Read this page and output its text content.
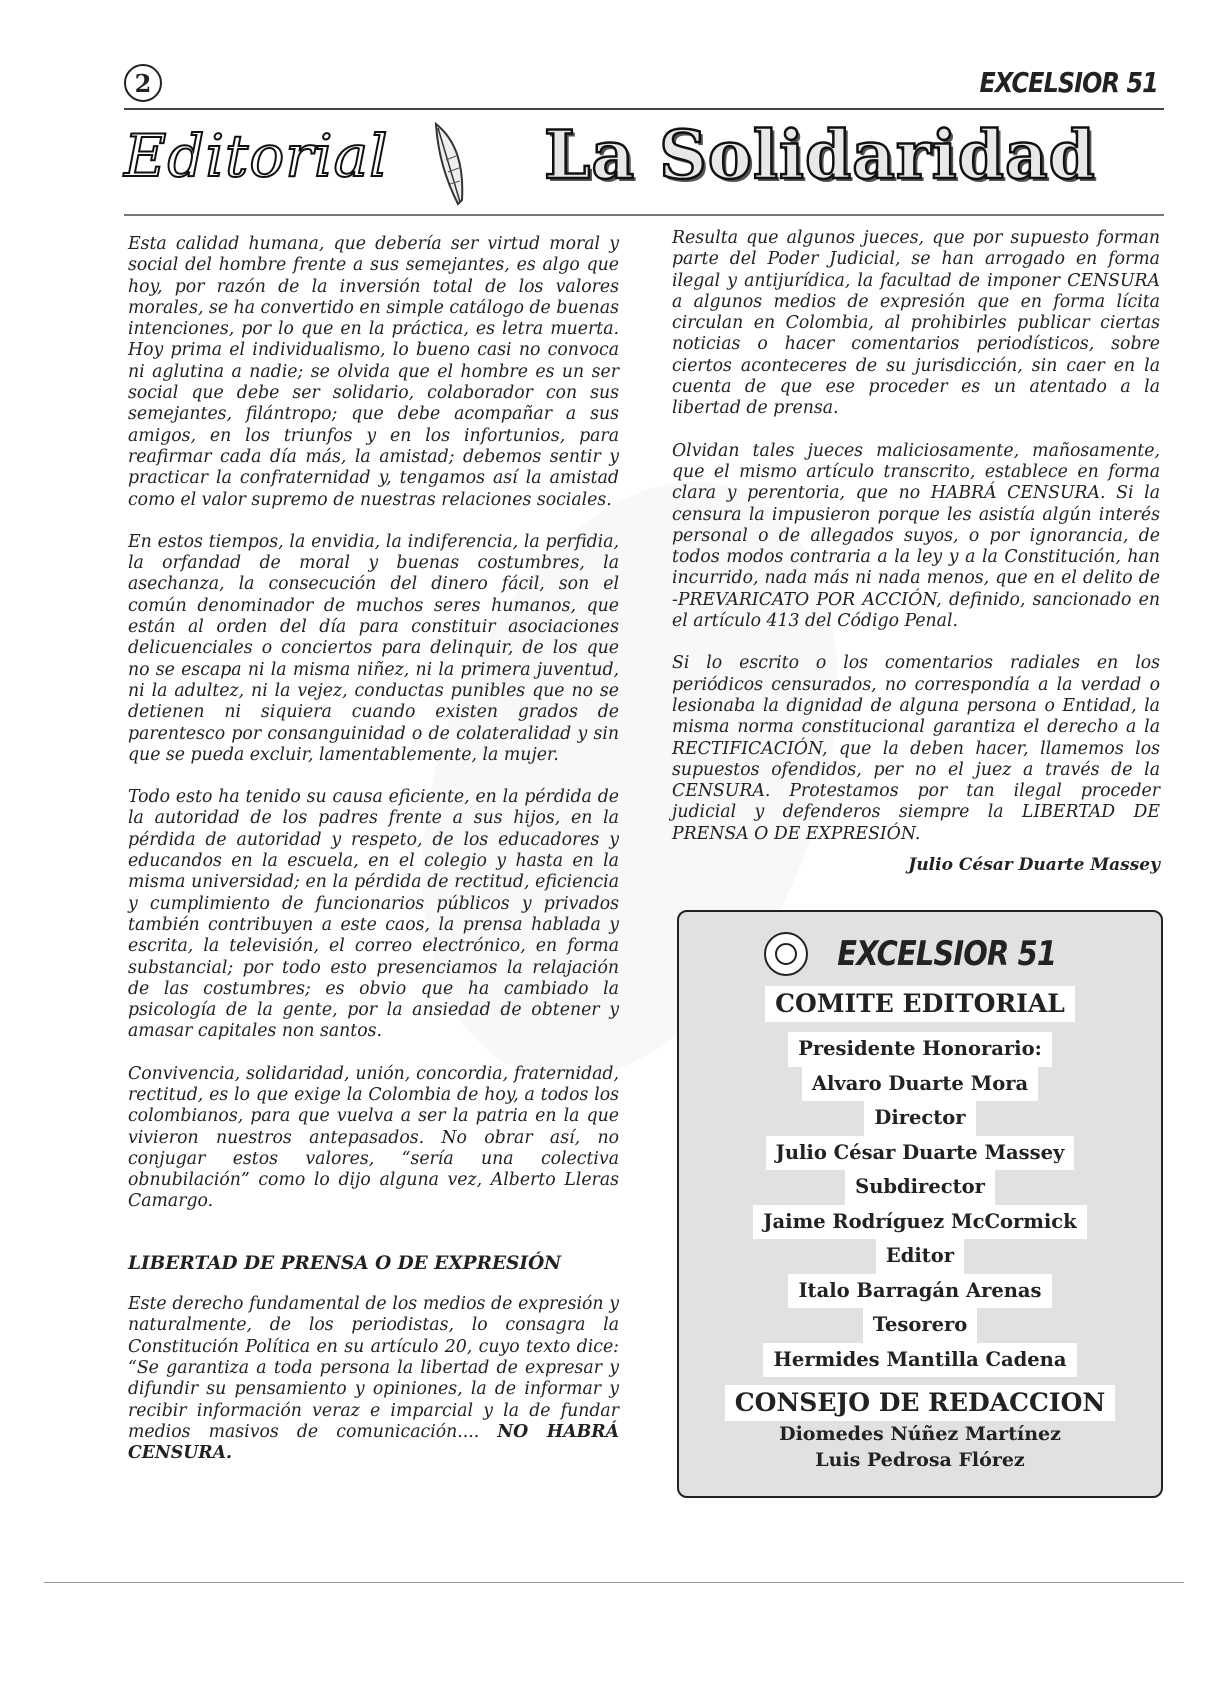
2	EXCELSIOR 51
Editorial La Solidaridad

Esta calidad humana, que debería ser virtud moral y social del hombre frente a sus semejantes, es algo que hoy, por razón de la inversión total de los valores morales, se ha convertido en simple catálogo de buenas intenciones, por lo que en la práctica, es letra muerta. Hoy prima el individualismo, lo bueno casi no convoca ni aglutina a nadie; se olvida que el hombre es un ser social que debe ser solidario, colaborador con sus semejantes, filántropo; que debe acompañar a sus amigos, en los triunfos y en los infortunios, para reafirmar cada día más, la amistad; debemos sentir y practicar la confraternidad y, tengamos así la amistad como el valor supremo de nuestras relaciones sociales.

En estos tiempos, la envidia, la indiferencia, la perfidia, la orfandad de moral y buenas costumbres, la asechanza, la consecución del dinero fácil, son el común denominador de muchos seres humanos, que están al orden del día para constituir asociaciones delicuenciales o conciertos para delinquir, de los que no se escapa ni la misma niñez, ni la primera juventud, ni la adultez, ni la vejez, conductas punibles que no se detienen ni siquiera cuando existen grados de parentesco por consanguinidad o de colateralidad y sin que se pueda excluir, lamentablemente, la mujer.

Todo esto ha tenido su causa eficiente, en la pérdida de la autoridad de los padres frente a sus hijos, en la pérdida de autoridad y respeto, de los educadores y educandos en la escuela, en el colegio y hasta en la misma universidad; en la pérdida de rectitud, eficiencia y cumplimiento de funcionarios públicos y privados también contribuyen a este caos, la prensa hablada y escrita, la televisión, el correo electrónico, en forma substancial; por todo esto presenciamos la relajación de las costumbres; es obvio que ha cambiado la psicología de la gente, por la ansiedad de obtener y amasar capitales non santos.

Convivencia, solidaridad, unión, concordia, fraternidad, rectitud, es lo que exige la Colombia de hoy, a todos los colombianos, para que vuelva a ser la patria en la que vivieron nuestros antepasados. No obrar así, no conjugar estos valores, “sería una colectiva obnubilación” como lo dijo alguna vez, Alberto Lleras Camargo.

LIBERTAD DE PRENSA O DE EXPRESIÓN

Este derecho fundamental de los medios de expresión y naturalmente, de los periodistas, lo consagra la Constitución Política en su artículo 20, cuyo texto dice: “Se garantiza a toda persona la libertad de expresar y difundir su pensamiento y opiniones, la de informar y recibir información veraz e imparcial y la de fundar medios masivos de comunicación.... NO HABRÁ CENSURA.

Resulta que algunos jueces, que por supuesto forman parte del Poder Judicial, se han arrogado en forma ilegal y antijurídica, la facultad de imponer CENSURA a algunos medios de expresión que en forma lícita circulan en Colombia, al prohibirles publicar ciertas noticias o hacer comentarios periodísticos, sobre ciertos aconteceres de su jurisdicción, sin caer en la cuenta de que ese proceder es un atentado a la libertad de prensa.

Olvidan tales jueces maliciosamente, mañosamente, que el mismo artículo transcrito, establece en forma clara y perentoria, que no HABRÁ CENSURA. Si la censura la impusieron porque les asistía algún interés personal o de allegados suyos, o por ignorancia, de todos modos contraria a la ley y a la Constitución, han incurrido, nada más ni nada menos, que en el delito de -PREVARICATO POR ACCIÓN, definido, sancionado en el artículo 413 del Código Penal.

Si lo escrito o los comentarios radiales en los periódicos censurados, no correspondía a la verdad o lesionaba la dignidad de alguna persona o Entidad, la misma norma constitucional garantiza el derecho a la RECTIFICACIÓN, que la deben hacer, llamemos los supuestos ofendidos, per no el juez a través de la CENSURA. Protestamos por tan ilegal proceder judicial y defenderos siempre la LIBERTAD DE PRENSA O DE EXPRESIÓN.

Julio César Duarte Massey
EXCELSIOR 51
COMITE EDITORIAL
Presidente Honorario:
Alvaro Duarte Mora
Director
Julio César Duarte Massey
Subdirector
Jaime Rodríguez McCormick
Editor
Italo Barragán Arenas
Tesorero
Hermides Mantilla Cadena
CONSEJO DE REDACCION
Diomedes Núñez Martínez
Luis Pedrosa Flórez
